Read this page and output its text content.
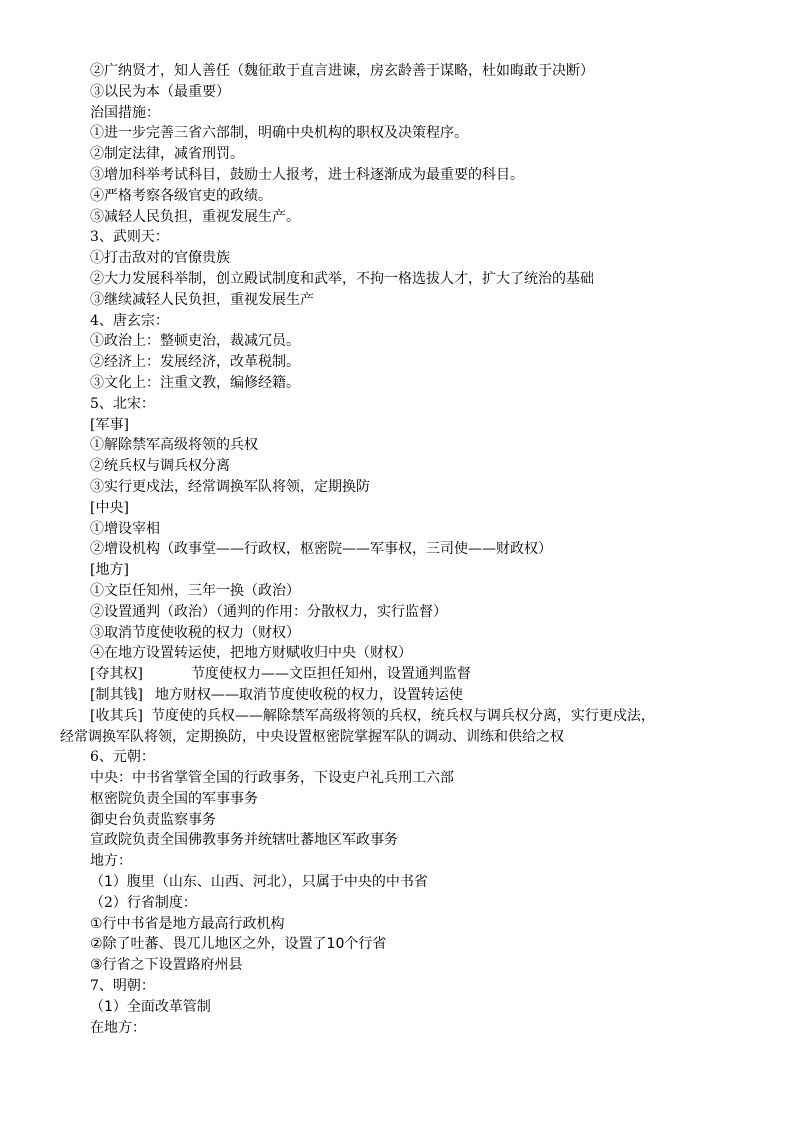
②广纳贤才，知人善任（魏征敢于直言进谏，房玄龄善于谋略，杜如晦敢于决断）
③以民为本（最重要）
治国措施：
①进一步完善三省六部制，明确中央机构的职权及决策程序。
②制定法律，减省刑罚。
③增加科举考试科目，鼓励士人报考，进士科逐渐成为最重要的科目。
④严格考察各级官吏的政绩。
⑤减轻人民负担，重视发展生产。
3、武则天：
①打击敌对的官僚贵族
②大力发展科举制，创立殿试制度和武举，不拘一格选拔人才，扩大了统治的基础
③继续减轻人民负担，重视发展生产
4、唐玄宗：
①政治上：整顿吏治，裁减冗员。
②经济上：发展经济，改革税制。
③文化上：注重文教，编修经籍。
5、北宋：
[军事]
①解除禁军高级将领的兵权
②统兵权与调兵权分离
③实行更戍法，经常调换军队将领，定期换防
[中央]
①增设宰相
②增设机构（政事堂——行政权，枢密院——军事权，三司使——财政权）
[地方]
①文臣任知州，三年一换（政治）
②设置通判（政治）（通判的作用：分散权力，实行监督）
③取消节度使收税的权力（财权）
④在地方设置转运使，把地方财赋收归中央（财权）
[夺其权]	节度使权力——文臣担任知州，设置通判监督
[制其钱] 地方财权——取消节度使收税的权力，设置转运使
[收其兵] 节度使的兵权——解除禁军高级将领的兵权，统兵权与调兵权分离，实行更戍法，
经常调换军队将领，定期换防，中央设置枢密院掌握军队的调动、训练和供给之权
6、元朝：
中央：中书省掌管全国的行政事务，下设吏户礼兵刑工六部
枢密院负责全国的军事事务
御史台负责监察事务
宣政院负责全国佛教事务并统辖吐蕃地区军政事务
地方：
（1）腹里（山东、山西、河北），只属于中央的中书省
（2）行省制度：
①行中书省是地方最高行政机构
②除了吐蕃、畏兀儿地区之外，设置了10个行省
③行省之下设置路府州县
7、明朝：
（1）全面改革管制
在地方：
